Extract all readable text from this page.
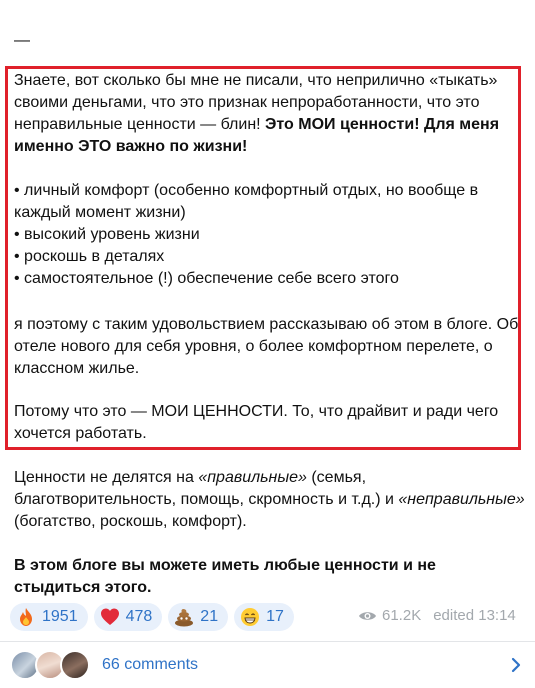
—
Знаете, вот сколько бы мне не писали, что неприлично «тыкать» своими деньгами, что это признак непроработанности, что это неправильные ценности — блин! Это МОИ ценности! Для меня именно ЭТО важно по жизни!

• личный комфорт (особенно комфортный отдых, но вообще в каждый момент жизни)

• высокий уровень жизни

• роскошь в деталях

• самостоятельное (!) обеспечение себе всего этого

я поэтому с таким удовольствием рассказываю об этом в блоге. Об отеле нового для себя уровня, о более комфортном перелете, о классном жилье.
Потому что это — МОИ ЦЕННОСТИ. То, что драйвит и ради чего хочется работать.
Ценности не делятся на «правильные» (семья, благотворительность, помощь, скромность и т.д.) и «неправильные» (богатство, роскошь, комфорт).
В этом блоге вы можете иметь любые ценности и не стыдиться этого.
1951	478	21	17	61.2K edited 13:14
66 comments
